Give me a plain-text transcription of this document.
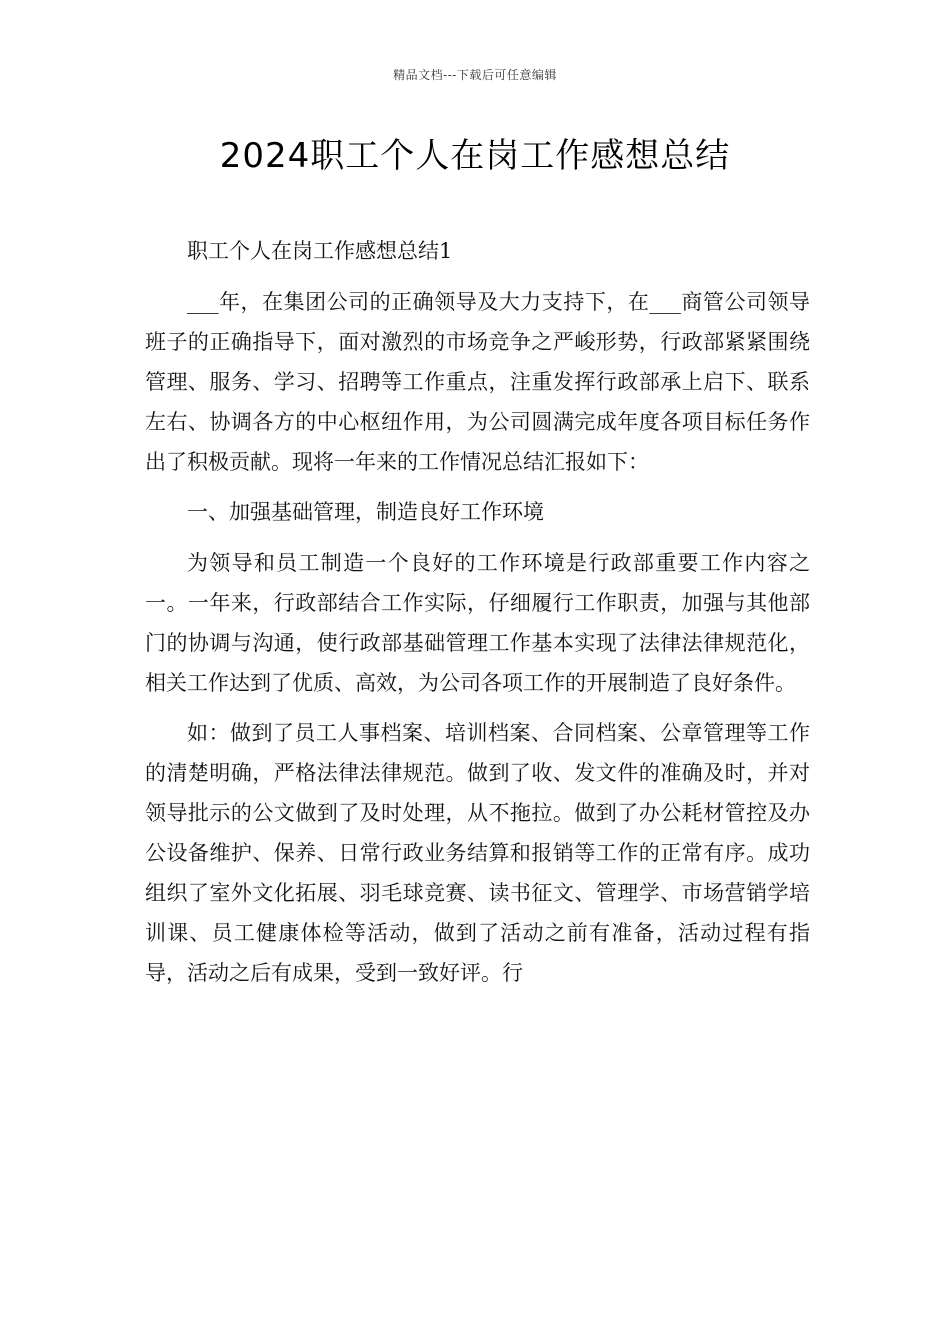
精品文档---下载后可任意编辑
2024职工个人在岗工作感想总结

职工个人在岗工作感想总结1

___年，在集团公司的正确领导及大力支持下，在___商管公司领导班子的正确指导下，面对激烈的市场竞争之严峻形势，行政部紧紧围绕管理、服务、学习、招聘等工作重点，注重发挥行政部承上启下、联系左右、协调各方的中心枢纽作用，为公司圆满完成年度各项目标任务作出了积极贡献。现将一年来的工作情况总结汇报如下：

一、加强基础管理，制造良好工作环境

为领导和员工制造一个良好的工作环境是行政部重要工作内容之一。一年来，行政部结合工作实际，仔细履行工作职责，加强与其他部门的协调与沟通，使行政部基础管理工作基本实现了法律法律规范化，相关工作达到了优质、高效，为公司各项工作的开展制造了良好条件。

如：做到了员工人事档案、培训档案、合同档案、公章管理等工作的清楚明确，严格法律法律规范。做到了收、发文件的准确及时，并对领导批示的公文做到了及时处理，从不拖拉。做到了办公耗材管控及办公设备维护、保养、日常行政业务结算和报销等工作的正常有序。成功组织了室外文化拓展、羽毛球竞赛、读书征文、管理学、市场营销学培训课、员工健康体检等活动，做到了活动之前有准备，活动过程有指导，活动之后有成果，受到一致好评。行
